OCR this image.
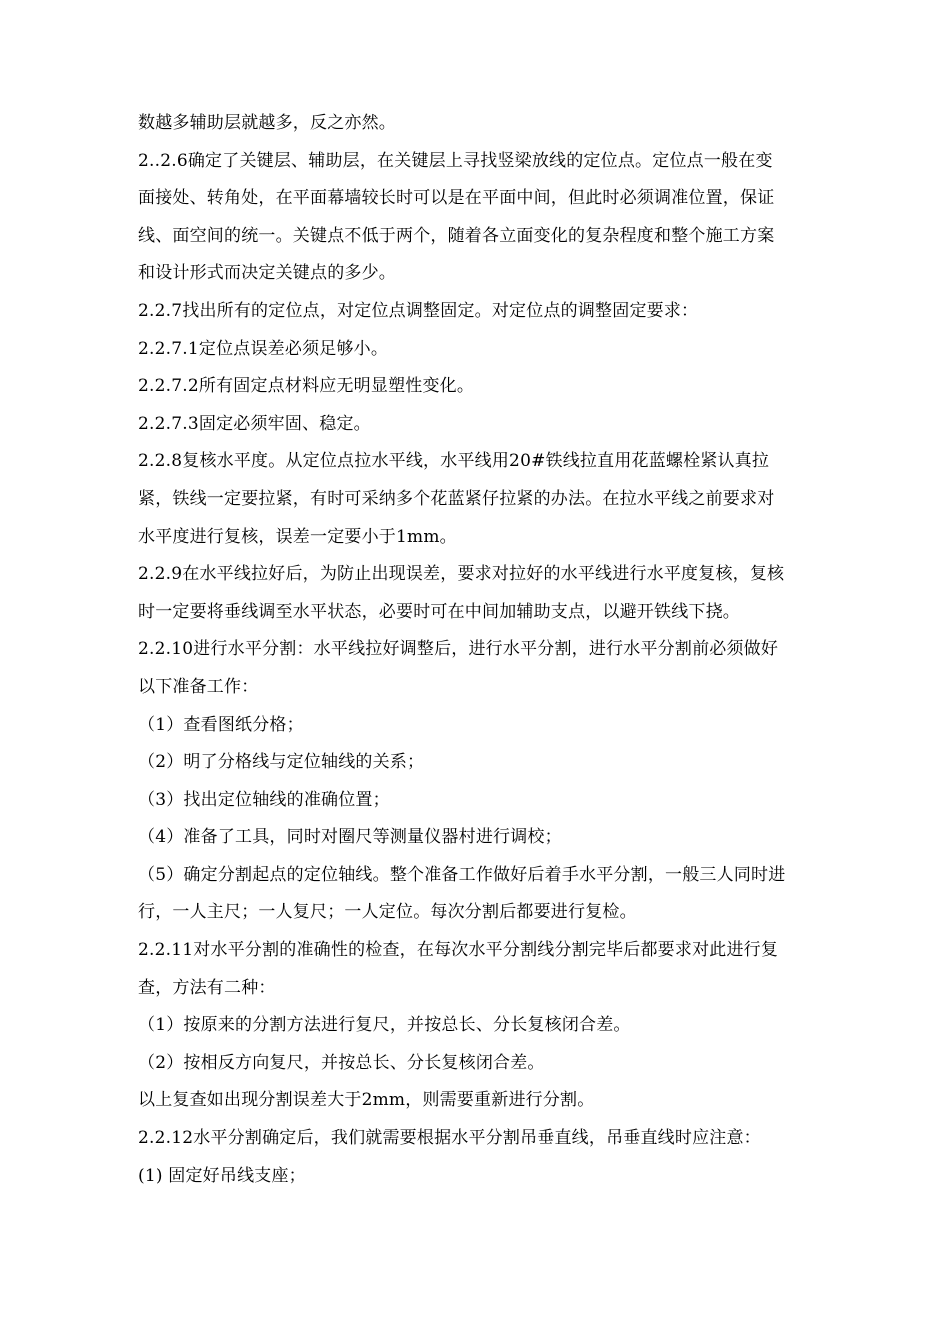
数越多辅助层就越多，反之亦然。
2..2.6确定了关键层、辅助层，在关键层上寻找竖梁放线的定位点。定位点一般在变
面接处、转角处，在平面幕墙较长时可以是在平面中间，但此时必须调准位置，保证
线、面空间的统一。关键点不低于两个，随着各立面变化的复杂程度和整个施工方案
和设计形式而决定关键点的多少。
2.2.7找出所有的定位点，对定位点调整固定。对定位点的调整固定要求：
2.2.7.1定位点误差必须足够小。
2.2.7.2所有固定点材料应无明显塑性变化。
2.2.7.3固定必须牢固、稳定。
2.2.8复核水平度。从定位点拉水平线，水平线用20#铁线拉直用花蓝螺栓紧认真拉
紧，铁线一定要拉紧，有时可采纳多个花蓝紧仔拉紧的办法。在拉水平线之前要求对
水平度进行复核，误差一定要小于1mm。
2.2.9在水平线拉好后，为防止出现误差，要求对拉好的水平线进行水平度复核，复核
时一定要将垂线调至水平状态，必要时可在中间加辅助支点，以避开铁线下挠。
2.2.10进行水平分割：水平线拉好调整后，进行水平分割，进行水平分割前必须做好
以下准备工作：
（1）查看图纸分格；
（2）明了分格线与定位轴线的关系；
（3）找出定位轴线的准确位置；
（4）准备了工具，同时对圈尺等测量仪器村进行调校；
（5）确定分割起点的定位轴线。整个准备工作做好后着手水平分割，一般三人同时进
行，一人主尺；一人复尺；一人定位。每次分割后都要进行复检。
2.2.11对水平分割的准确性的检查，在每次水平分割线分割完毕后都要求对此进行复
查，方法有二种：
（1）按原来的分割方法进行复尺，并按总长、分长复核闭合差。
（2）按相反方向复尺，并按总长、分长复核闭合差。
以上复查如出现分割误差大于2mm，则需要重新进行分割。
2.2.12水平分割确定后，我们就需要根据水平分割吊垂直线，吊垂直线时应注意：
(1) 固定好吊线支座；
